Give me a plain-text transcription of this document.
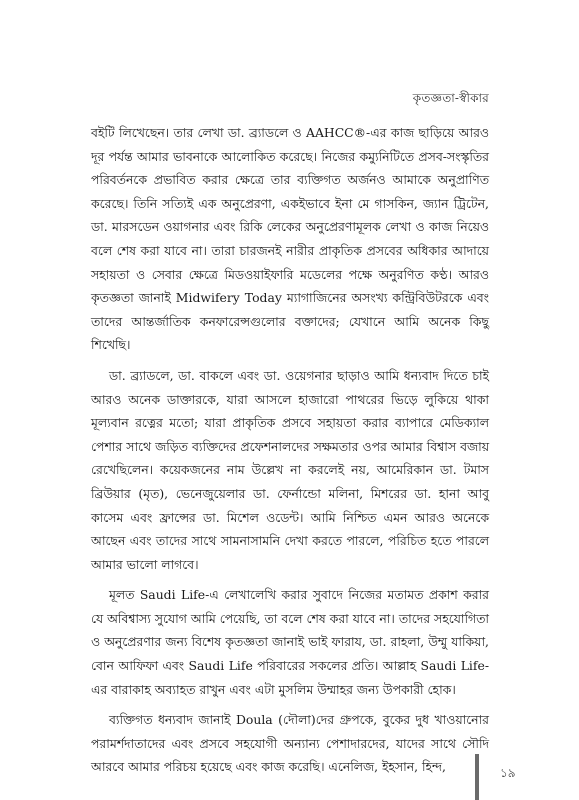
কৃতজ্ঞতা-স্বীকার

বইটি লিখেছেন। তার লেখা ডা. ব্র্যাডলে ও AAHCC®-এর কাজ ছাড়িয়ে আরও দূর পর্যন্ত আমার ভাবনাকে আলোকিত করেছে। নিজের কম্যুনিটিতে প্রসব-সংস্কৃতির পরিবর্তনকে প্রভাবিত করার ক্ষেত্রে তার ব্যক্তিগত অর্জনও আমাকে অনুপ্রাণিত করেছে। তিনি সত্যিই এক অনুপ্রেরণা, একইভাবে ইনা মে গাসকিন, জ্যান ট্রিটেন, ডা. মারসডেন ওয়াগনার এবং রিকি লেকের অনুপ্রেরণামূলক লেখা ও কাজ নিয়েও বলে শেষ করা যাবে না। তারা চারজনই নারীর প্রাকৃতিক প্রসবের অধিকার আদায়ে সহায়তা ও সেবার ক্ষেত্রে মিডওয়াইফারি মডেলের পক্ষে অনুরণিত কণ্ঠ। আরও কৃতজ্ঞতা জানাই Midwifery Today ম্যাগাজিনের অসংখ্য কন্ট্রিবিউটরকে এবং তাদের আন্তর্জাতিক কনফারেন্সগুলোর বক্তাদের; যেখানে আমি অনেক কিছু শিখেছি।

ডা. ব্র্যাডলে, ডা. বাকলে এবং ডা. ওয়েগনার ছাড়াও আমি ধন্যবাদ দিতে চাই আরও অনেক ডাক্তারকে, যারা আসলে হাজারো পাথরের ভিড়ে লুকিয়ে থাকা মূল্যবান রত্নের মতো; যারা প্রাকৃতিক প্রসবে সহায়তা করার ব্যাপারে মেডিক্যাল পেশার সাথে জড়িত ব্যক্তিদের প্রফেশনালদের সক্ষমতার ওপর আমার বিশ্বাস বজায় রেখেছিলেন। কয়েকজনের নাম উল্লেখ না করলেই নয়, আমেরিকান ডা. টমাস ব্রিউয়ার (মৃত), ভেনেজুয়েলার ডা. ফের্নান্ডো মলিনা, মিশরের ডা. হানা আবু কাসেম এবং ফ্রান্সের ডা. মিশেল ওডেন্ট। আমি নিশ্চিত এমন আরও অনেকে আছেন এবং তাদের সাথে সামনাসামনি দেখা করতে পারলে, পরিচিত হতে পারলে আমার ভালো লাগবে।

মূলত Saudi Life-এ লেখালেখি করার সুবাদে নিজের মতামত প্রকাশ করার যে অবিশ্বাস্য সুযোগ আমি পেয়েছি, তা বলে শেষ করা যাবে না। তাদের সহযোগিতা ও অনুপ্রেরণার জন্য বিশেষ কৃতজ্ঞতা জানাই ভাই ফারায, ডা. রাহলা, উম্মু যাকিয়া, বোন আফিফা এবং Saudi Life পরিবারের সকলের প্রতি। আল্লাহ Saudi Life-এর বারাকাহ অব্যাহত রাখুন এবং এটা মুসলিম উম্মাহর জন্য উপকারী হোক।

ব্যক্তিগত ধন্যবাদ জানাই Doula (দৌলা)দের গ্রুপকে, বুকের দুধ খাওয়ানোর পরামর্শদাতাদের এবং প্রসবে সহযোগী অন্যান্য পেশাদারদের, যাদের সাথে সৌদি আরবে আমার পরিচয় হয়েছে এবং কাজ করেছি। এনেলিজ, ইহসান, হিন্দ,	১৯
